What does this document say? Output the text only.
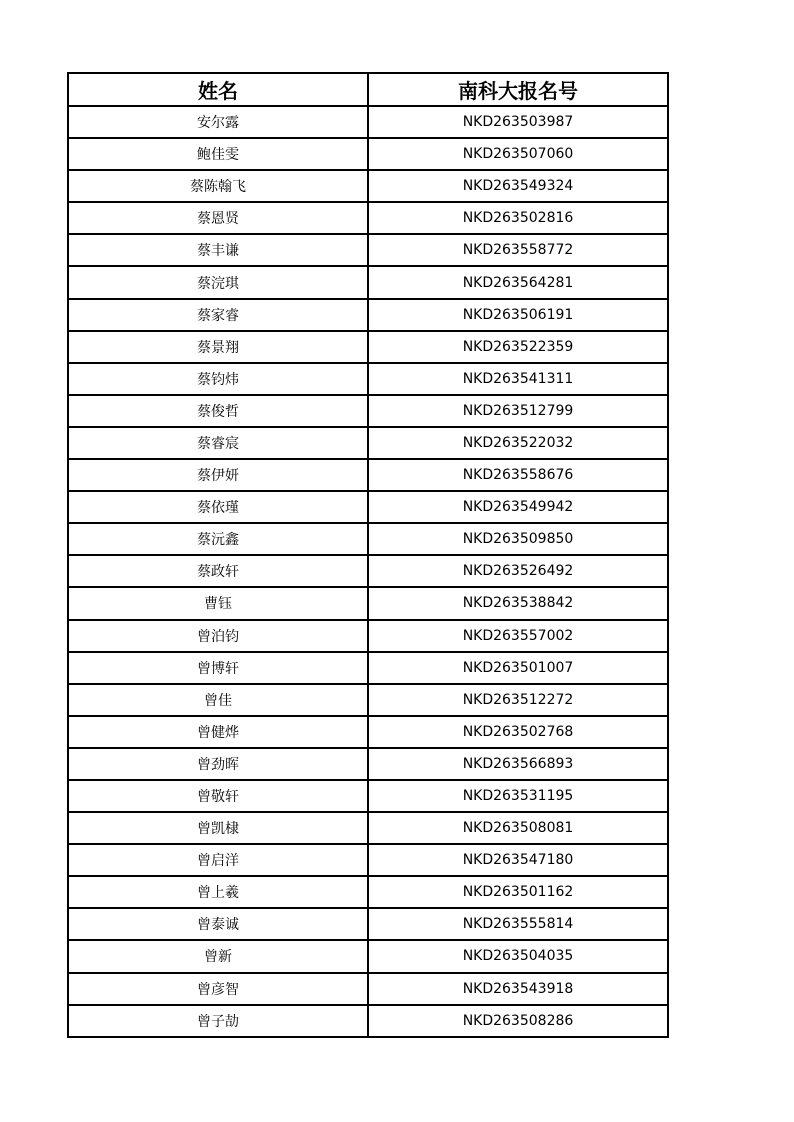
姓名	南科大报名号
安尔露	NKD263503987
鲍佳雯	NKD263507060
蔡陈翰飞	NKD263549324
蔡恩贤	NKD263502816
蔡丰谦	NKD263558772
蔡浣琪	NKD263564281
蔡家睿	NKD263506191
蔡景翔	NKD263522359
蔡钧炜	NKD263541311
蔡俊哲	NKD263512799
蔡睿宸	NKD263522032
蔡伊妍	NKD263558676
蔡依瑾	NKD263549942
蔡沅鑫	NKD263509850
蔡政轩	NKD263526492
曹钰	NKD263538842
曾泊钧	NKD263557002
曾博轩	NKD263501007
曾佳	NKD263512272
曾健烨	NKD263502768
曾劲晖	NKD263566893
曾敬轩	NKD263531195
曾凯棣	NKD263508081
曾启洋	NKD263547180
曾上羲	NKD263501162
曾泰诚	NKD263555814
曾新	NKD263504035
曾彦智	NKD263543918
曾子劼	NKD263508286
